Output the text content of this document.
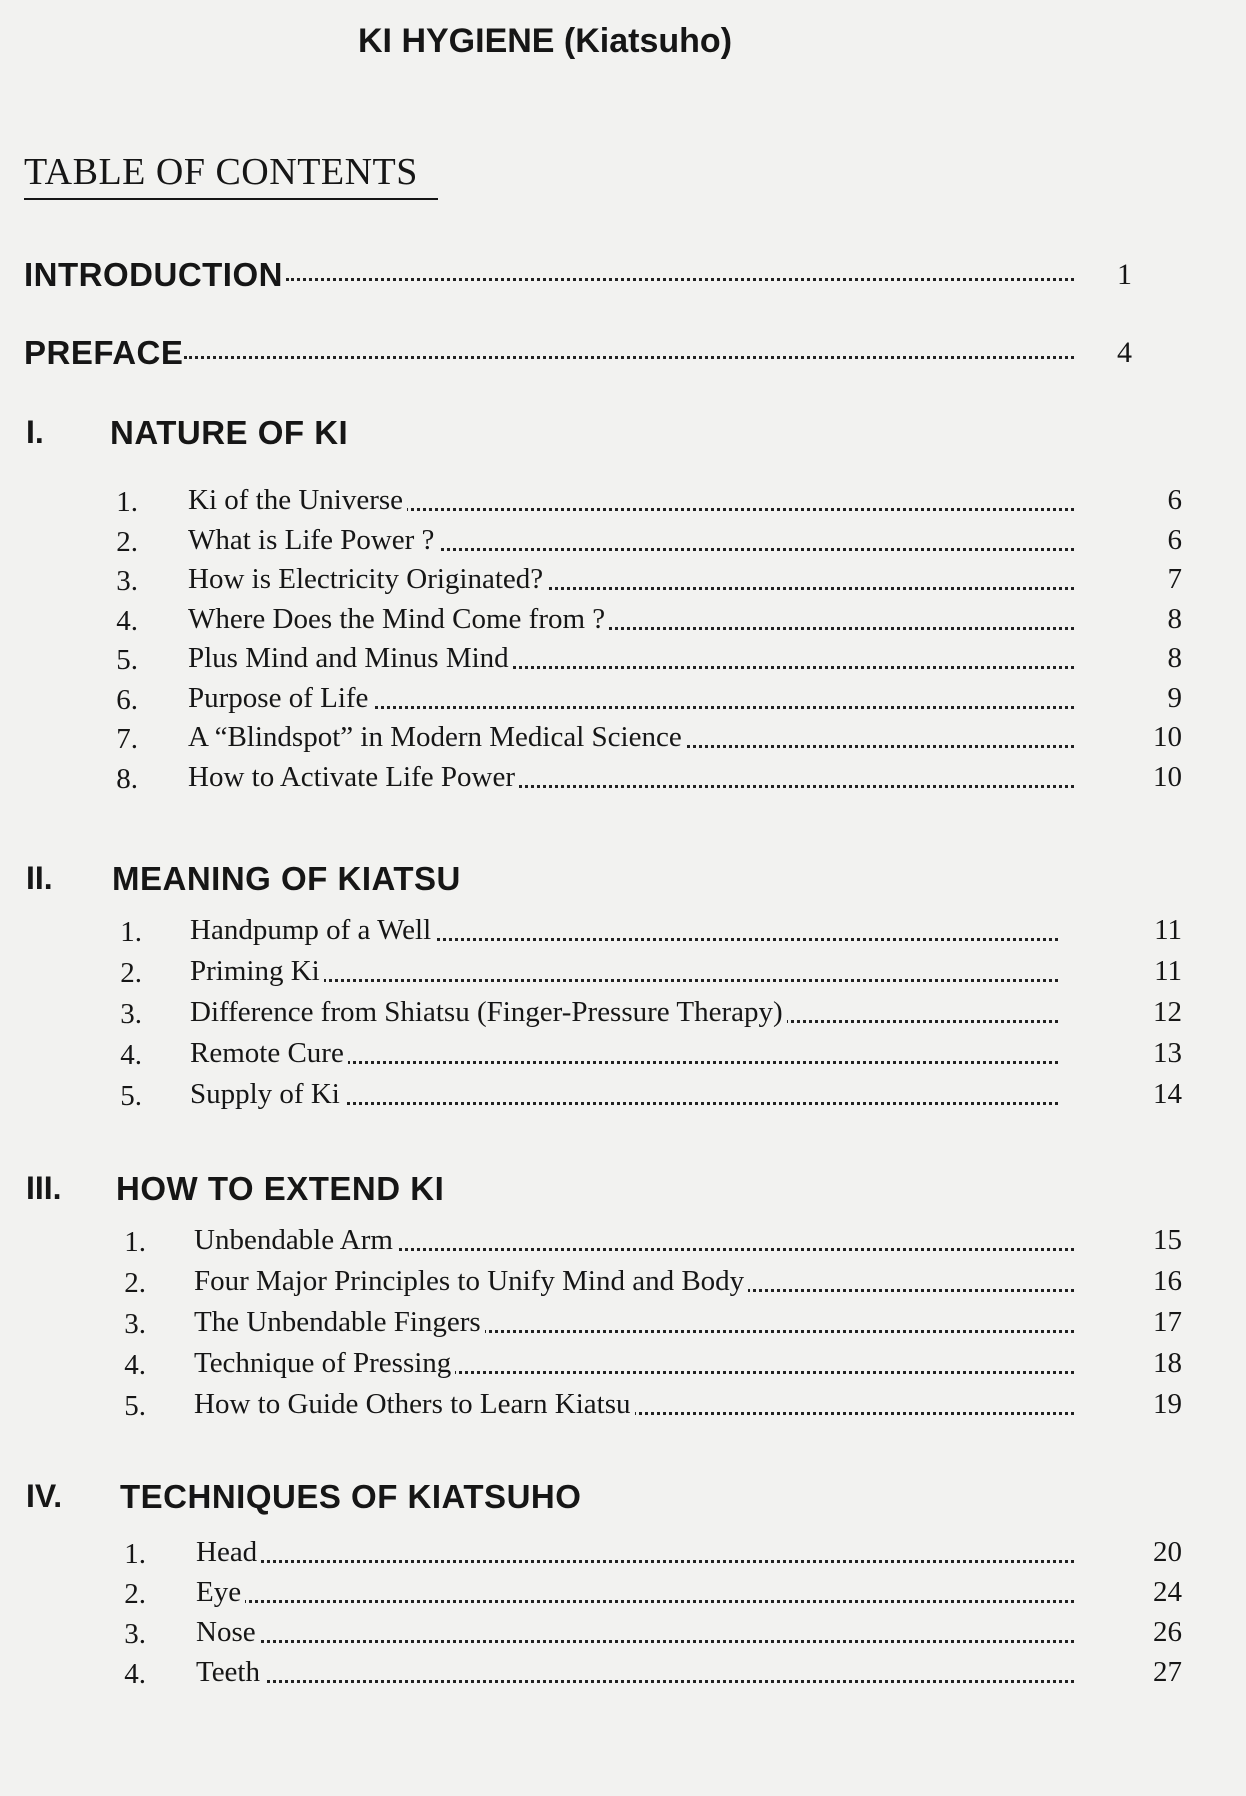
KI HYGIENE (Kiatsuho)
TABLE OF CONTENTS
INTRODUCTION	1
PREFACE	4
I. NATURE OF KI
1. Ki of the Universe	6
2. What is Life Power ?	6
3. How is Electricity Originated?	7
4. Where Does the Mind Come from ?	8
5. Plus Mind and Minus Mind	8
6. Purpose of Life	9
7. A “Blindspot” in Modern Medical Science	10
8. How to Activate Life Power	10
II. MEANING OF KIATSU
1. Handpump of a Well	11
2. Priming Ki	11
3. Difference from Shiatsu (Finger-Pressure Therapy)	12
4. Remote Cure	13
5. Supply of Ki	14
III. HOW TO EXTEND KI
1. Unbendable Arm	15
2. Four Major Principles to Unify Mind and Body	16
3. The Unbendable Fingers	17
4. Technique of Pressing	18
5. How to Guide Others to Learn Kiatsu	19
IV. TECHNIQUES OF KIATSUHO
1. Head	20
2. Eye	24
3. Nose	26
4. Teeth	27
